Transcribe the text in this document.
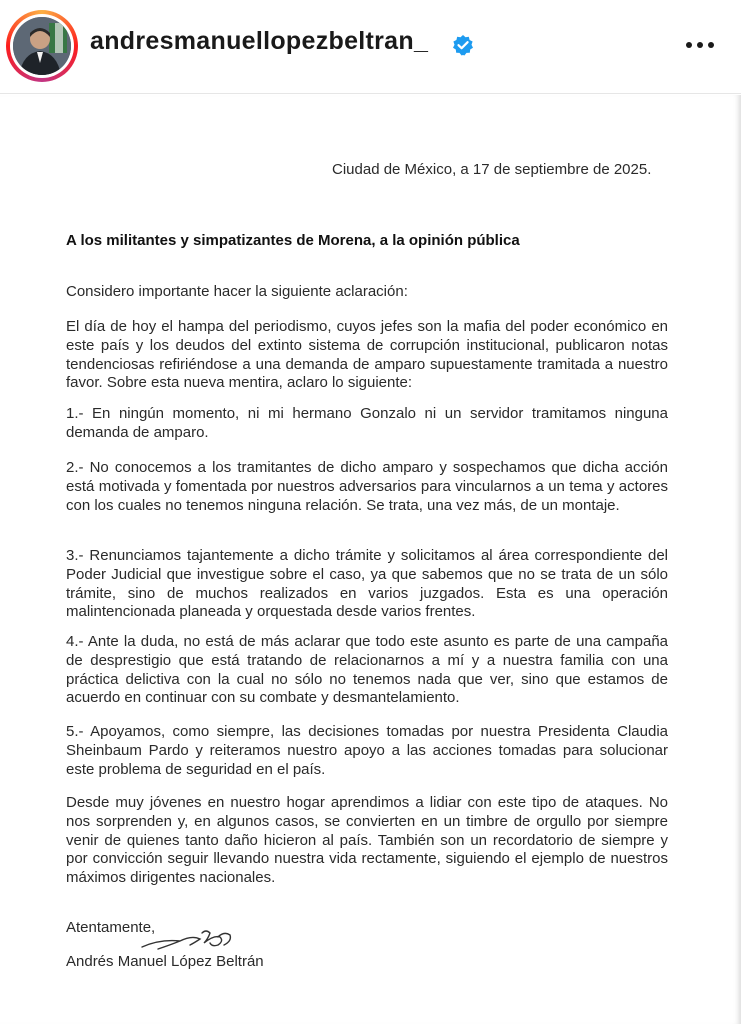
andresmanuellopezbeltran_
Ciudad de México, a 17 de septiembre de 2025.
A los militantes y simpatizantes de Morena, a la opinión pública

Considero importante hacer la siguiente aclaración:

El día de hoy el hampa del periodismo, cuyos jefes son la mafia del poder económico en este país y los deudos del extinto sistema de corrupción institucional, publicaron notas tendenciosas refiriéndose a una demanda de amparo supuestamente tramitada a nuestro favor. Sobre esta nueva mentira, aclaro lo siguiente:

1.- En ningún momento, ni mi hermano Gonzalo ni un servidor tramitamos ninguna demanda de amparo.

2.- No conocemos a los tramitantes de dicho amparo y sospechamos que dicha acción está motivada y fomentada por nuestros adversarios para vincularnos a un tema y actores con los cuales no tenemos ninguna relación. Se trata, una vez más, de un montaje.

3.- Renunciamos tajantemente a dicho trámite y solicitamos al área correspondiente del Poder Judicial que investigue sobre el caso, ya que sabemos que no se trata de un sólo trámite, sino de muchos realizados en varios juzgados. Esta es una operación malintencionada planeada y orquestada desde varios frentes.

4.- Ante la duda, no está de más aclarar que todo este asunto es parte de una campaña de desprestigio que está tratando de relacionarnos a mí y a nuestra familia con una práctica delictiva con la cual no sólo no tenemos nada que ver, sino que estamos de acuerdo en continuar con su combate y desmantelamiento.

5.- Apoyamos, como siempre, las decisiones tomadas por nuestra Presidenta Claudia Sheinbaum Pardo y reiteramos nuestro apoyo a las acciones tomadas para solucionar este problema de seguridad en el país.

Desde muy jóvenes en nuestro hogar aprendimos a lidiar con este tipo de ataques. No nos sorprenden y, en algunos casos, se convierten en un timbre de orgullo por siempre venir de quienes tanto daño hicieron al país. También son un recordatorio de siempre y por convicción seguir llevando nuestra vida rectamente, siguiendo el ejemplo de nuestros máximos dirigentes nacionales.

Atentamente,
Andrés Manuel López Beltrán
